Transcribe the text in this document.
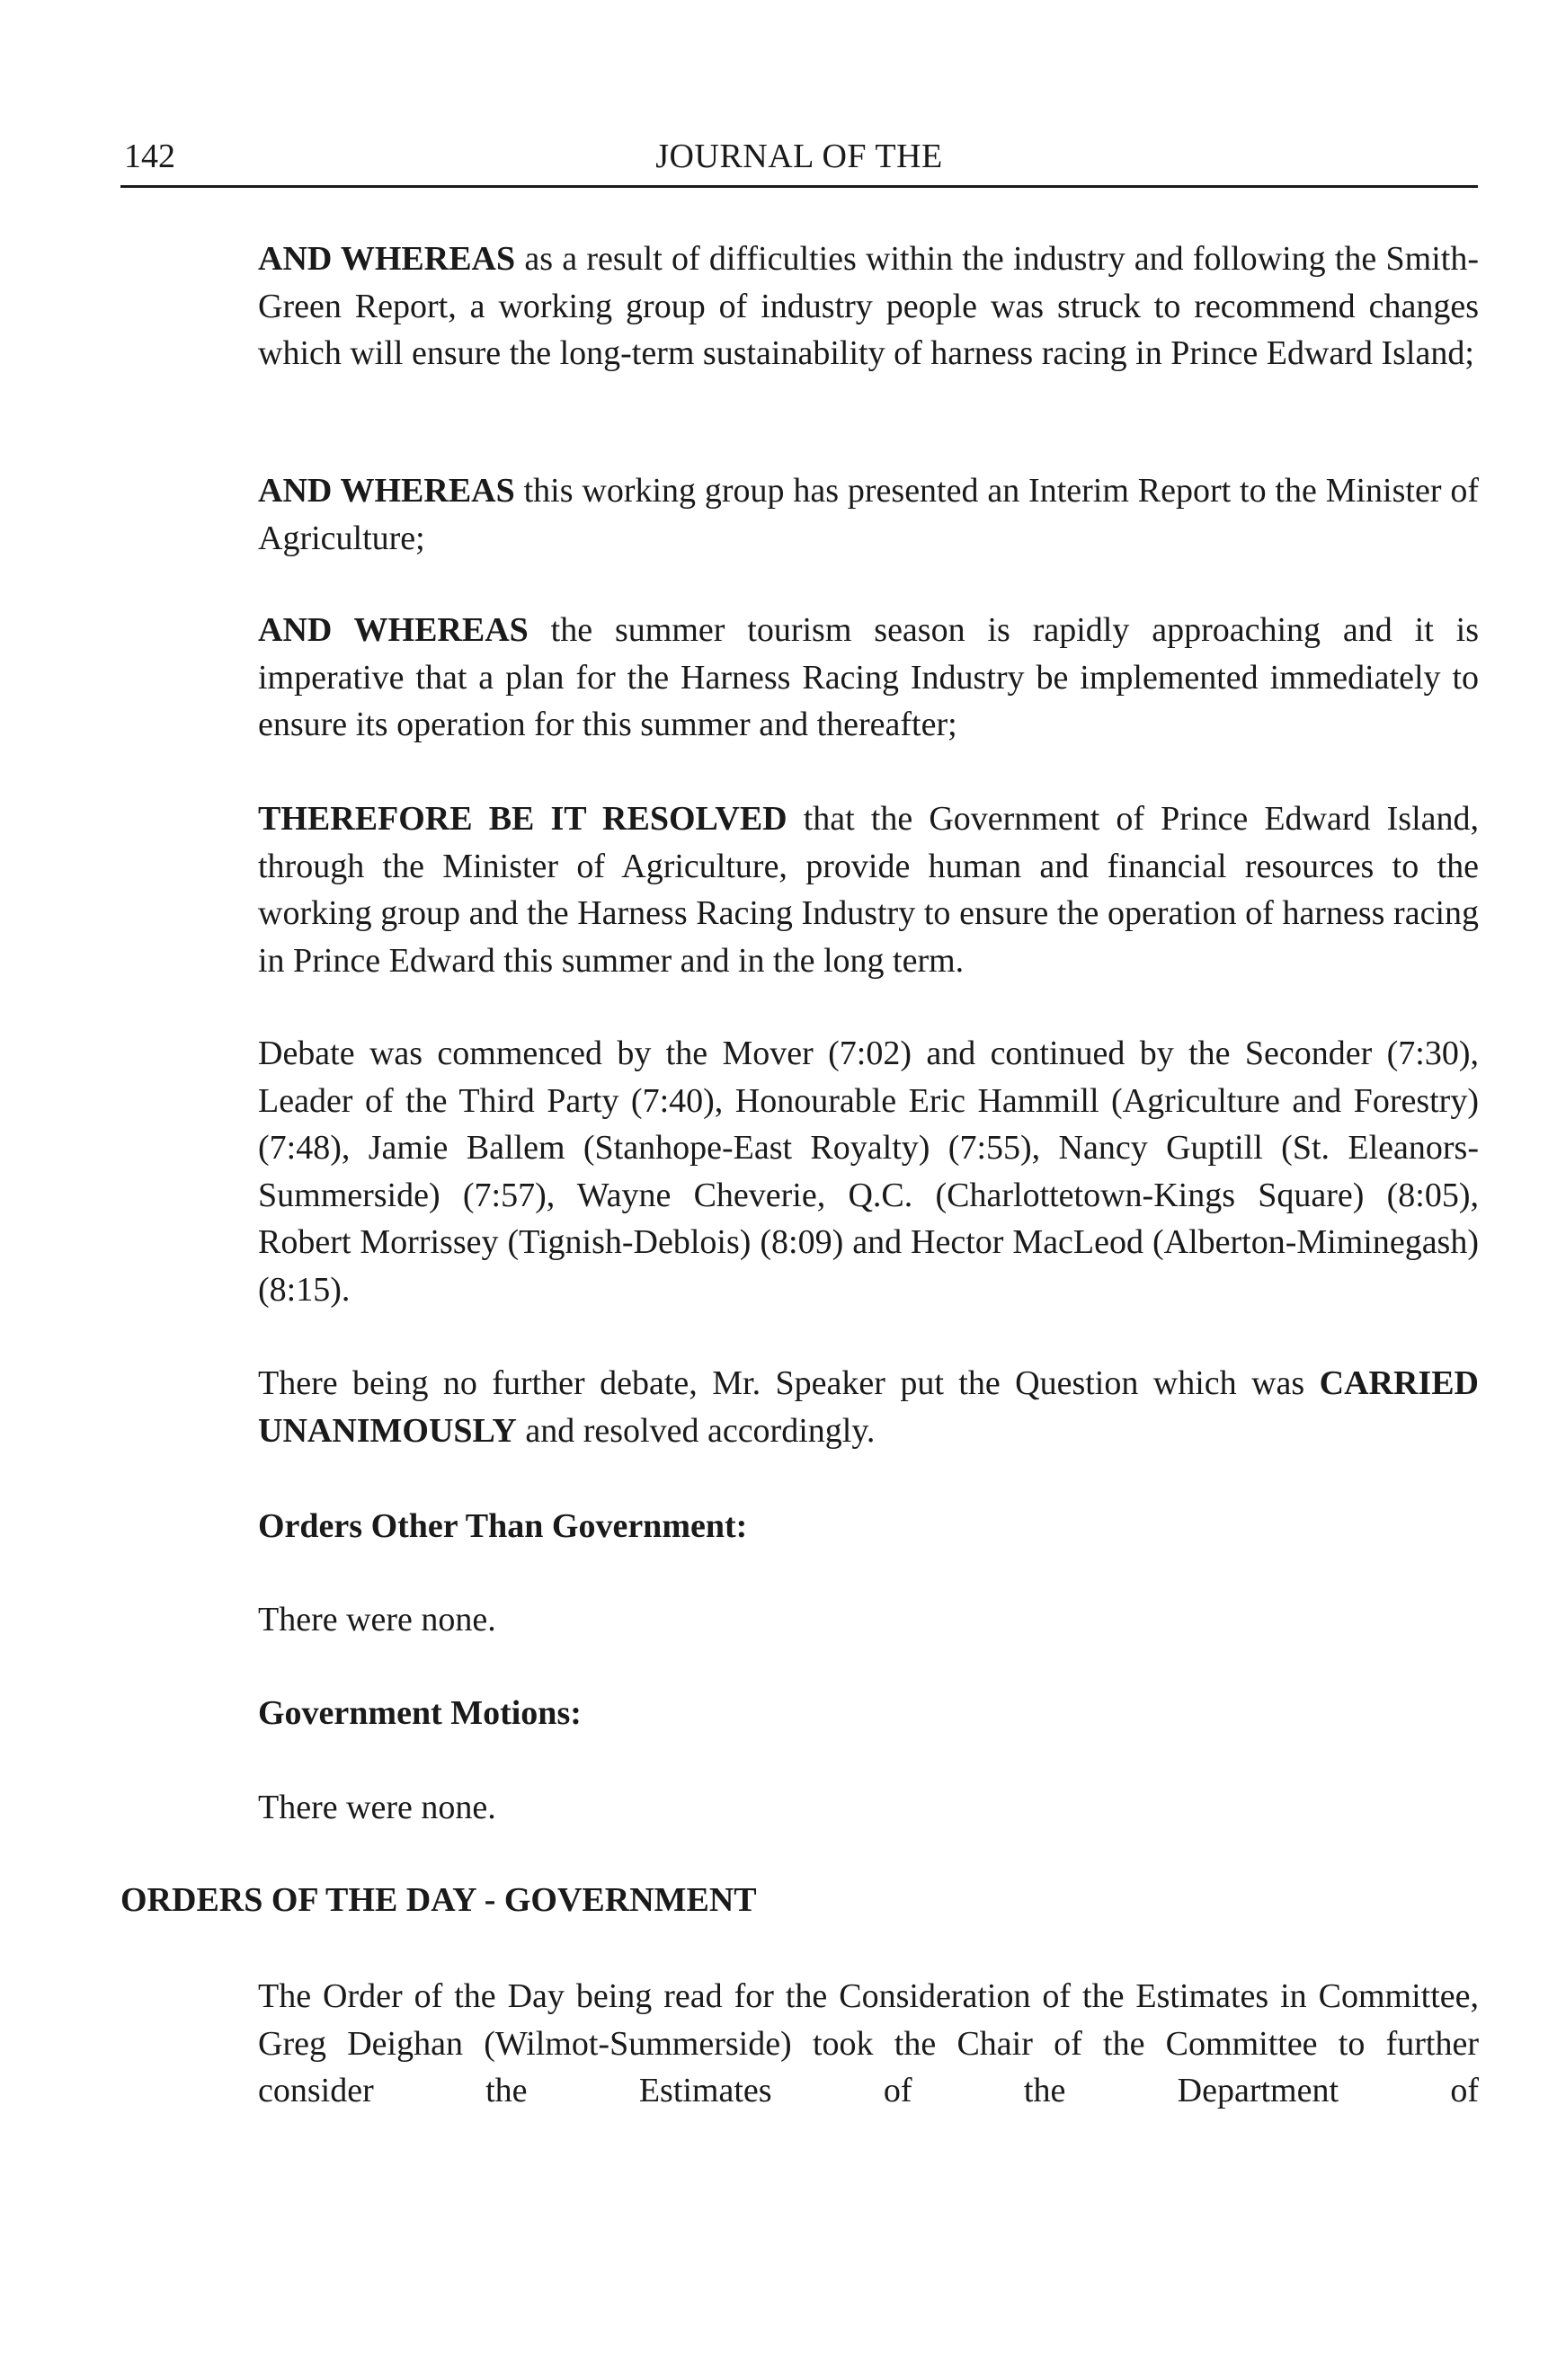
142	JOURNAL OF THE

AND WHEREAS as a result of difficulties within the industry and following the Smith-Green Report, a working group of industry people was struck to recommend changes which will ensure the long-term sustainability of harness racing in Prince Edward Island;

AND WHEREAS this working group has presented an Interim Report to the Minister of Agriculture;

AND WHEREAS the summer tourism season is rapidly approaching and it is imperative that a plan for the Harness Racing Industry be implemented immediately to ensure its operation for this summer and thereafter;

THEREFORE BE IT RESOLVED that the Government of Prince Edward Island, through the Minister of Agriculture, provide human and financial resources to the working group and the Harness Racing Industry to ensure the operation of harness racing in Prince Edward this summer and in the long term.

Debate was commenced by the Mover (7:02) and continued by the Seconder (7:30), Leader of the Third Party (7:40), Honourable Eric Hammill (Agriculture and Forestry) (7:48), Jamie Ballem (Stanhope-East Royalty) (7:55), Nancy Guptill (St. Eleanors-Summerside) (7:57), Wayne Cheverie, Q.C. (Charlottetown-Kings Square) (8:05), Robert Morrissey (Tignish-Deblois) (8:09) and Hector MacLeod (Alberton-Miminegash) (8:15).

There being no further debate, Mr. Speaker put the Question which was CARRIED UNANIMOUSLY and resolved accordingly.

Orders Other Than Government:

There were none.

Government Motions:

There were none.

ORDERS OF THE DAY - GOVERNMENT

The Order of the Day being read for the Consideration of the Estimates in Committee, Greg Deighan (Wilmot-Summerside) took the Chair of the Committee to further consider the Estimates of the Department of
